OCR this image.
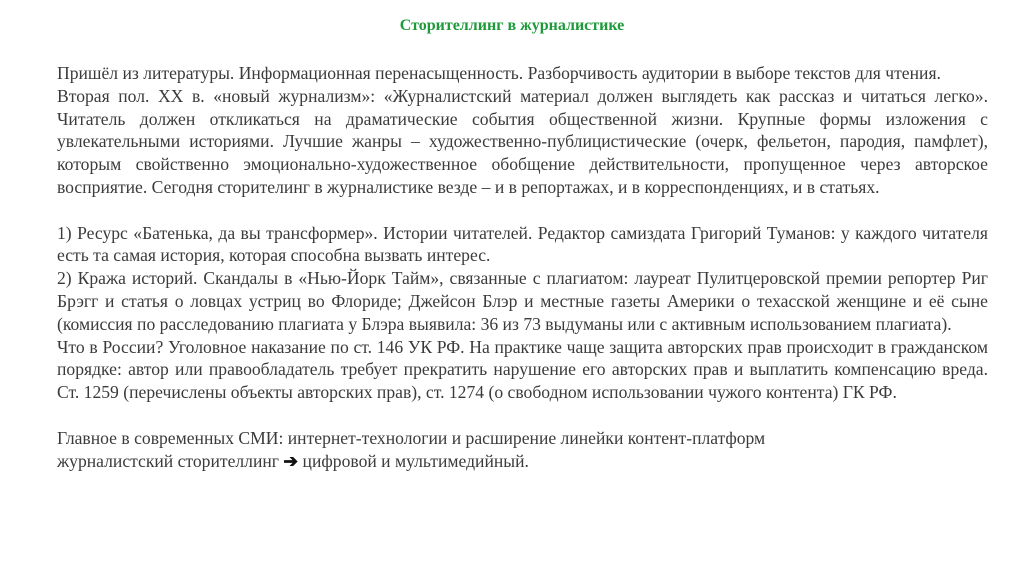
Сторителлинг в журналистике

Пришёл из литературы. Информационная перенасыщенность. Разборчивость аудитории в выборе текстов для чтения.

Вторая пол. XX в. «новый журнализм»: «Журналистский материал должен выглядеть как рассказ и читаться легко». Читатель должен откликаться на драматические события общественной жизни. Крупные формы изложения с увлекательными историями. Лучшие жанры – художественно-публицистические (очерк, фельетон, пародия, памфлет), которым свойственно эмоционально-художественное обобщение действительности, пропущенное через авторское восприятие. Сегодня сторителинг в журналистике везде – и в репортажах, и в корреспонденциях, и в статьях.

1) Ресурс «Батенька, да вы трансформер». Истории читателей. Редактор самиздата Григорий Туманов: у каждого читателя есть та самая история, которая способна вызвать интерес.

2) Кража историй. Скандалы в «Нью-Йорк Тайм», связанные с плагиатом: лауреат Пулитцеровской премии репортер Риг Брэгг и статья о ловцах устриц во Флориде; Джейсон Блэр и местные газеты Америки о техасской женщине и её сыне (комиссия по расследованию плагиата у Блэра выявила: 36 из 73 выдуманы или с активным использованием плагиата).

Что в России? Уголовное наказание по ст. 146 УК РФ. На практике чаще защита авторских прав происходит в гражданском порядке: автор или правообладатель требует прекратить нарушение его авторских прав и выплатить компенсацию вреда. Ст. 1259 (перечислены объекты авторских прав), ст. 1274 (о свободном использовании чужого контента) ГК РФ.

Главное в современных СМИ: интернет-технологии и расширение линейки контент-платформ

журналистский сторителлинг ➔ цифровой и мультимедийный.
